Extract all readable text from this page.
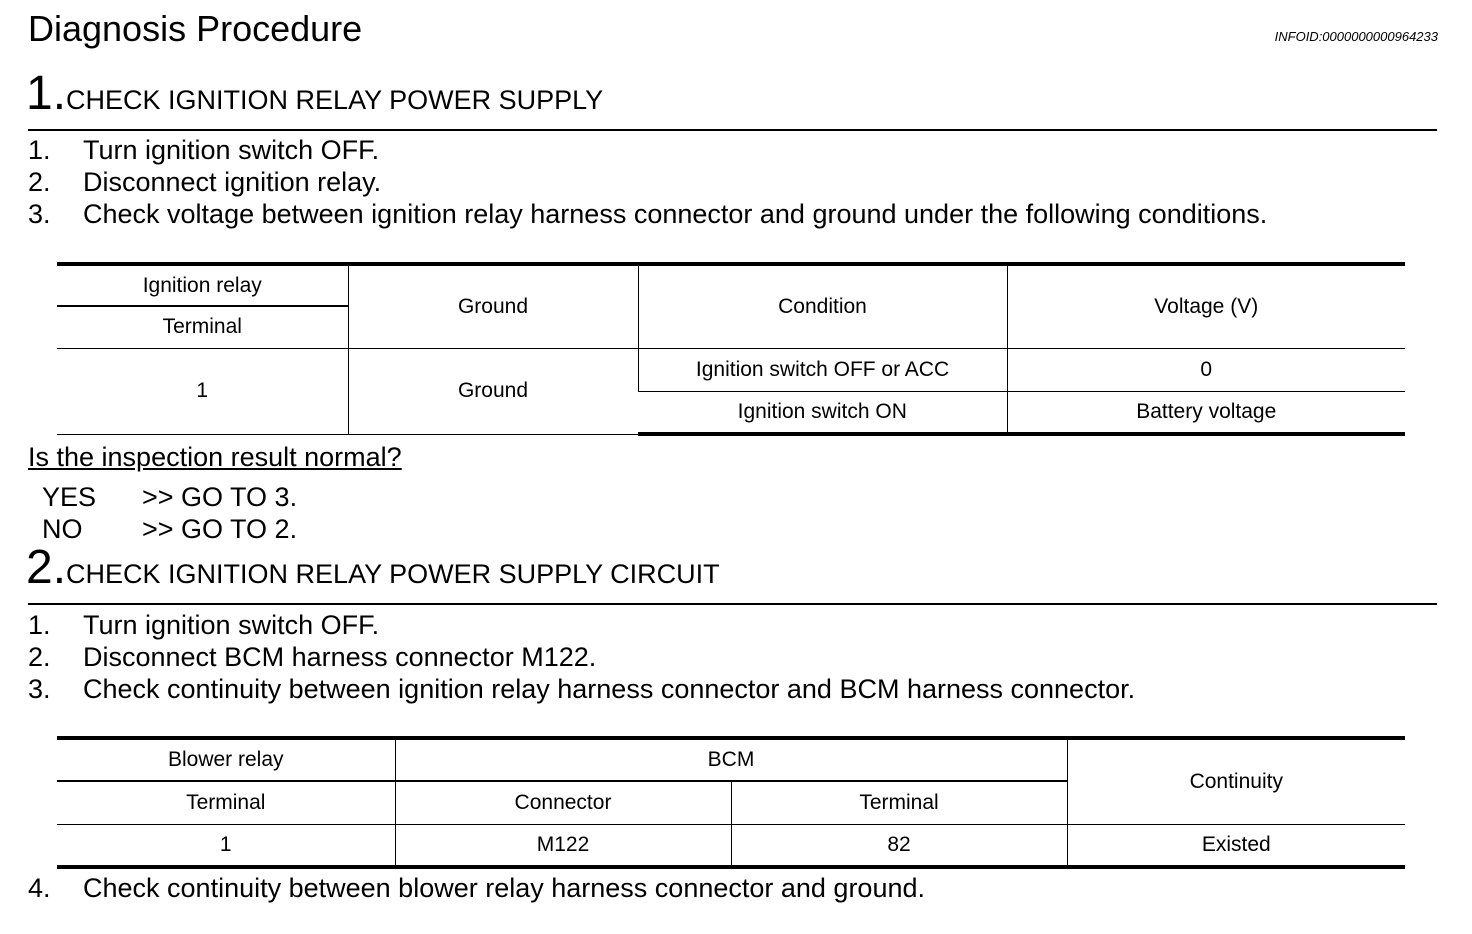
Diagnosis Procedure	INFOID:0000000000964233
1.CHECK IGNITION RELAY POWER SUPPLY
1. Turn ignition switch OFF.
2. Disconnect ignition relay.
3. Check voltage between ignition relay harness connector and ground under the following conditions.
Ignition relay	Ground	Condition	Voltage (V)
Terminal			
1	Ground	Ignition switch OFF or ACC	0
		Ignition switch ON	Battery voltage
Is the inspection result normal?
YES >> GO TO 3.
NO >> GO TO 2.
2.CHECK IGNITION RELAY POWER SUPPLY CIRCUIT
1. Turn ignition switch OFF.
2. Disconnect BCM harness connector M122.
3. Check continuity between ignition relay harness connector and BCM harness connector.
Blower relay	BCM		Continuity
Terminal	Connector	Terminal	
1	M122	82	Existed
4. Check continuity between blower relay harness connector and ground.
